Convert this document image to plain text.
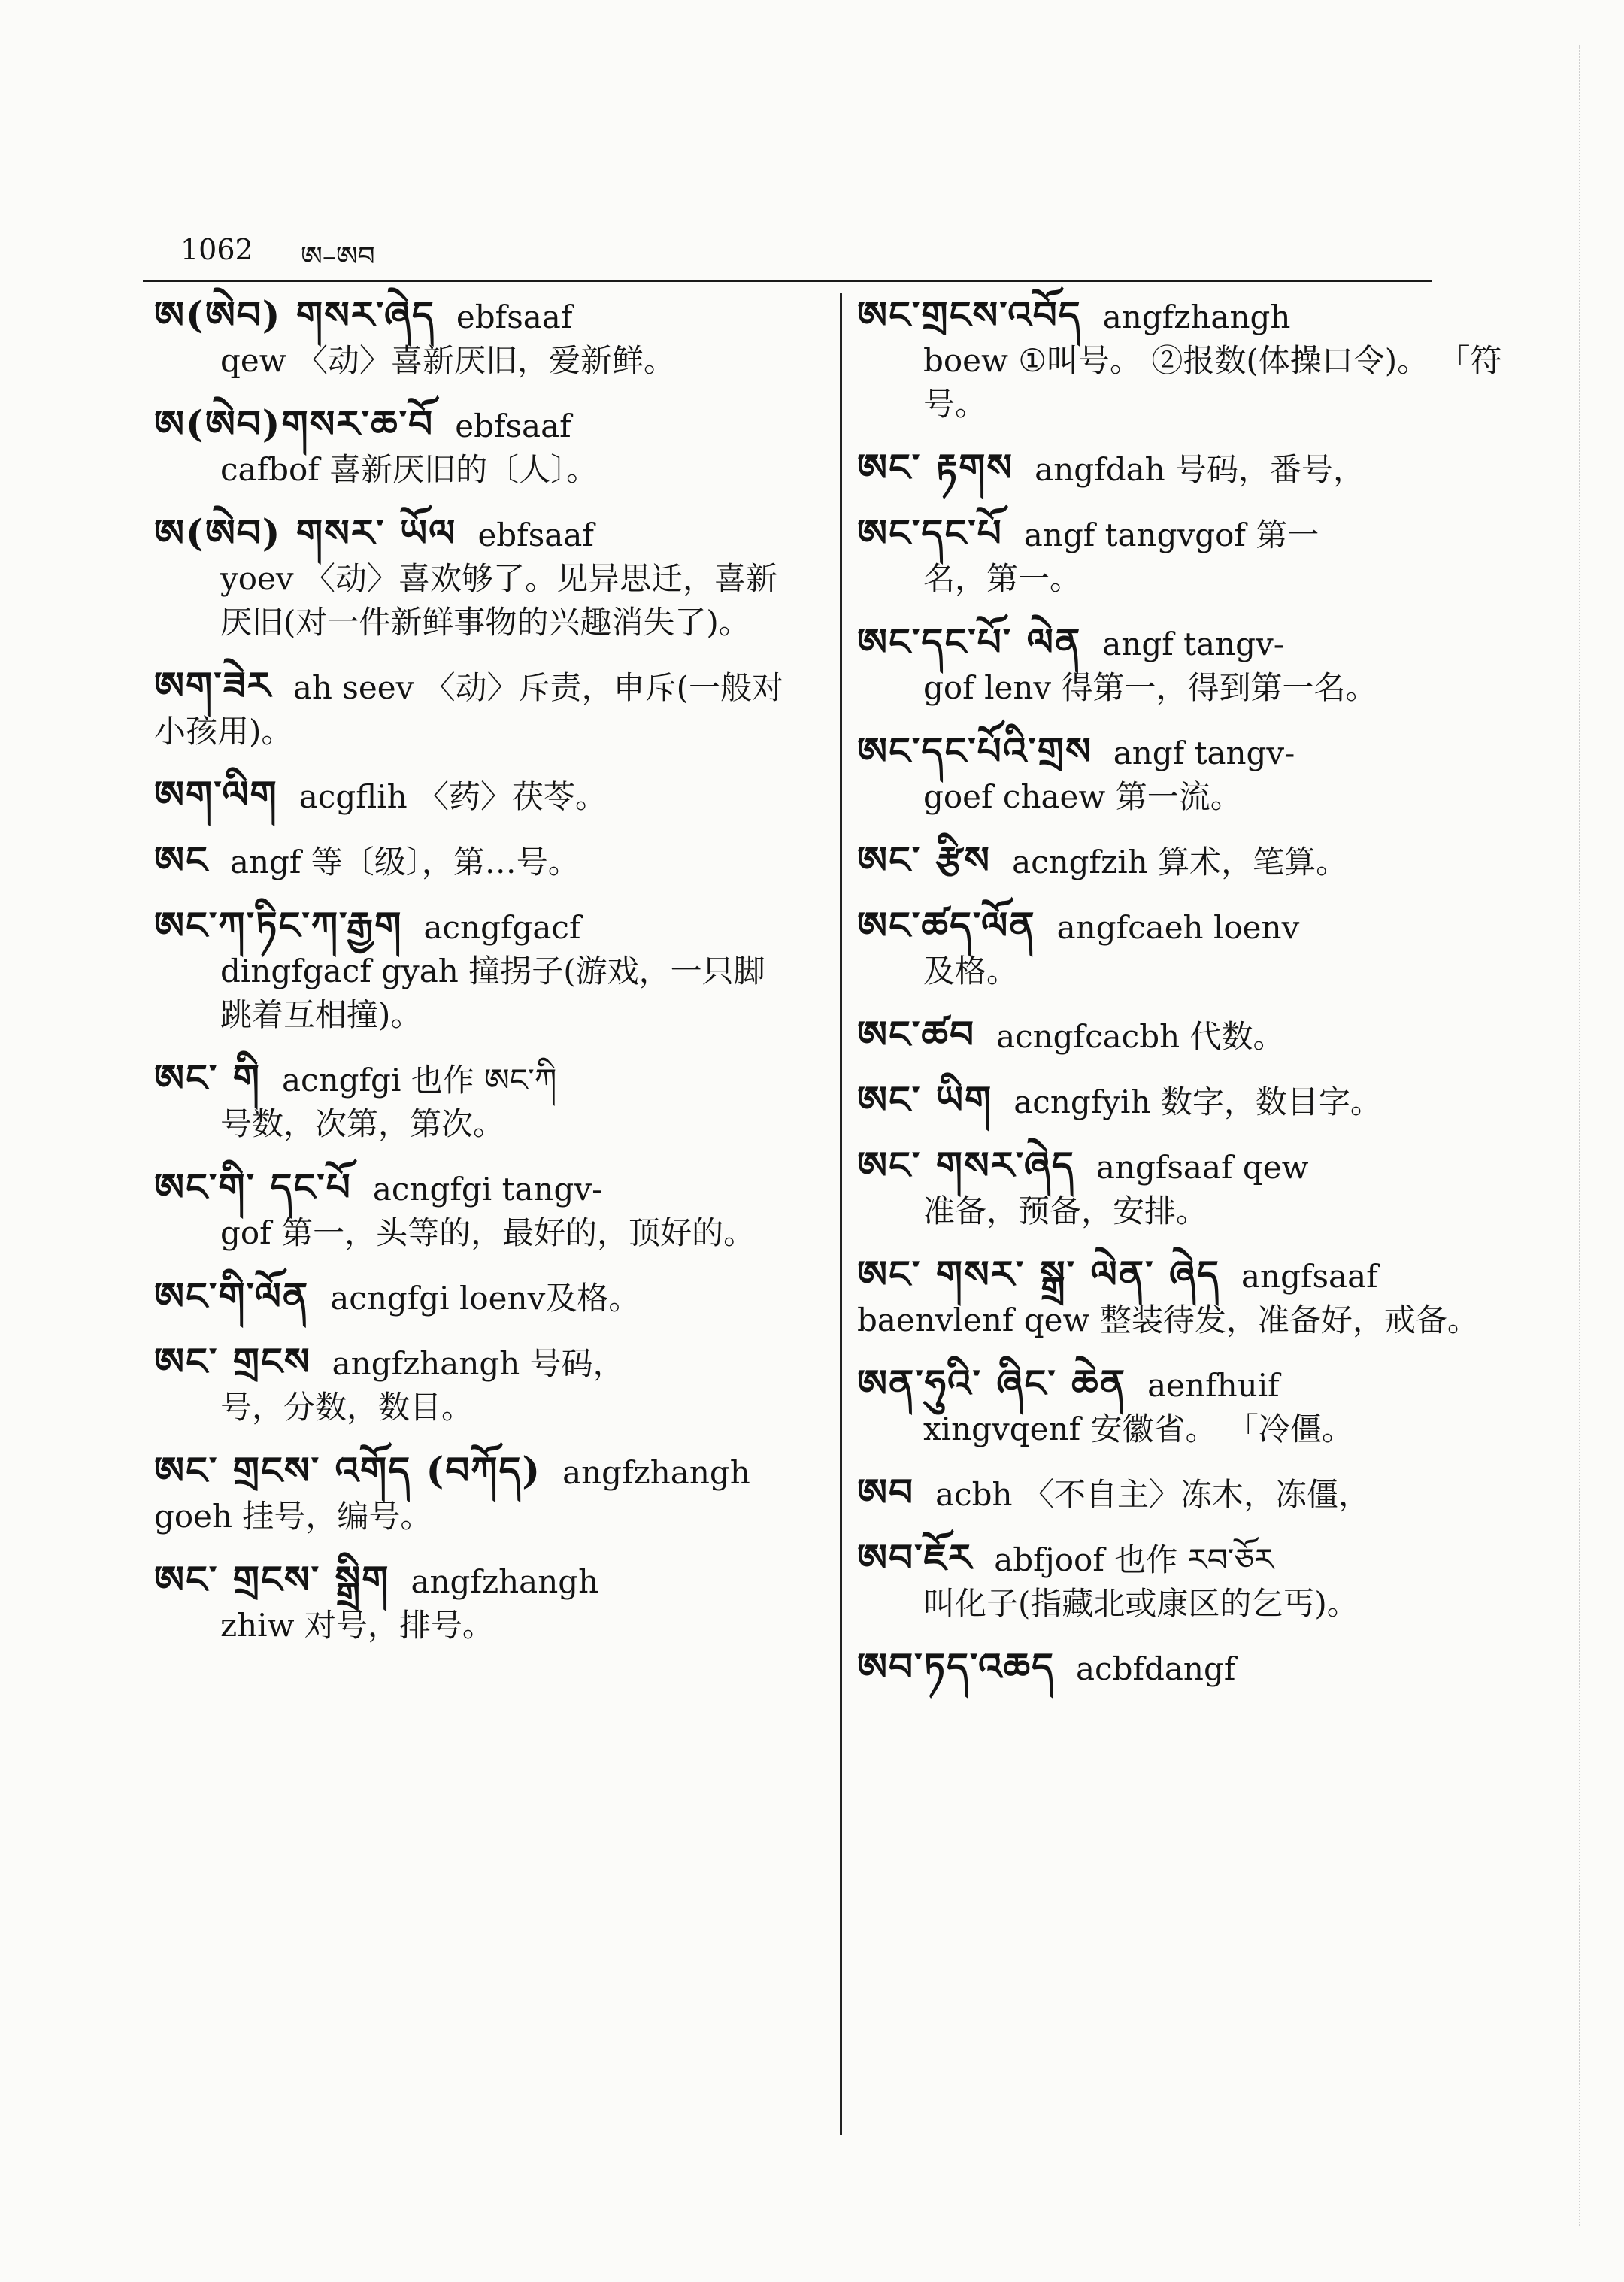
1062 ཨ–ཨབ
ཨ(ཨེབ) གསར་ཞེད ebfsaaf
qew 〈动〉喜新厌旧，爱新鲜。
ཨ(ཨེབ)གསར་ཆ་བོ ebfsaaf
cafbof 喜新厌旧的〔人〕。
ཨ(ཨེབ) གསར་ ཡོལ ebfsaaf
yoev 〈动〉喜欢够了。见异思迁，喜新厌旧(对一件新鲜事物的兴趣消失了)。
ཨག་ཟེར ah seev 〈动〉斥责，申斥(一般对小孩用)。
ཨག་ལིག acgflih 〈药〉茯苓。
ཨང angf 等〔级〕，第…号。
ཨང་ཀ་ཏིང་ཀ་རྒྱག acngfgacf
dingfgacf gyah 撞拐子(游戏，一只脚跳着互相撞)。
ཨང་ གི acngfgi 也作 ཨང་ཀི
号数，次第，第次。
ཨང་གི་ དང་པོ acngfgi tangv-
gof 第一，头等的，最好的，顶好的。
ཨང་གི་ལོན acngfgi loenv及格。
ཨང་ གྲངས angfzhangh 号码，
号，分数，数目。
ཨང་ གྲངས་ འགོད (བཀོད) angfzhangh goeh 挂号，编号。
ཨང་ གྲངས་ སྒྲིག angfzhangh
zhiw 对号，排号。
ཨང་གྲངས་འབོད angfzhangh
boew ①叫号。 ②报数(体操口令)。 「符号。
ཨང་ རྟགས angfdah 号码，番号，
ཨང་དང་པོ angf tangvgof 第一
名，第一。
ཨང་དང་པོ་ ལེན angf tangv-
gof lenv 得第一，得到第一名。
ཨང་དང་པོའི་གྲས angf tangv-
goef chaew 第一流。
ཨང་ རྩིས acngfzih 算术，笔算。
ཨང་ཚད་ལོན angfcaeh loenv
及格。
ཨང་ཚབ acngfcacbh 代数。
ཨང་ ཡིག acngfyih 数字，数目字。
ཨང་ གསར་ཞེད angfsaaf qew
准备，预备，安排。
ཨང་ གསར་ སྒྲ་ ལེན་ ཞེད angfsaaf baenvlenf qew 整装待发，准备好，戒备。
ཨན་ཧུའི་ ཞིང་ ཆེན aenfhuif
xingvqenf 安徽省。 「冷僵。
ཨབ acbh 〈不自主〉冻木，冻僵，
ཨབ་ཇོར abfjoof 也作 རབ་ཅོར
叫化子(指藏北或康区的乞丐)。
ཨབ་ཏད་འཆད acbfdangf
